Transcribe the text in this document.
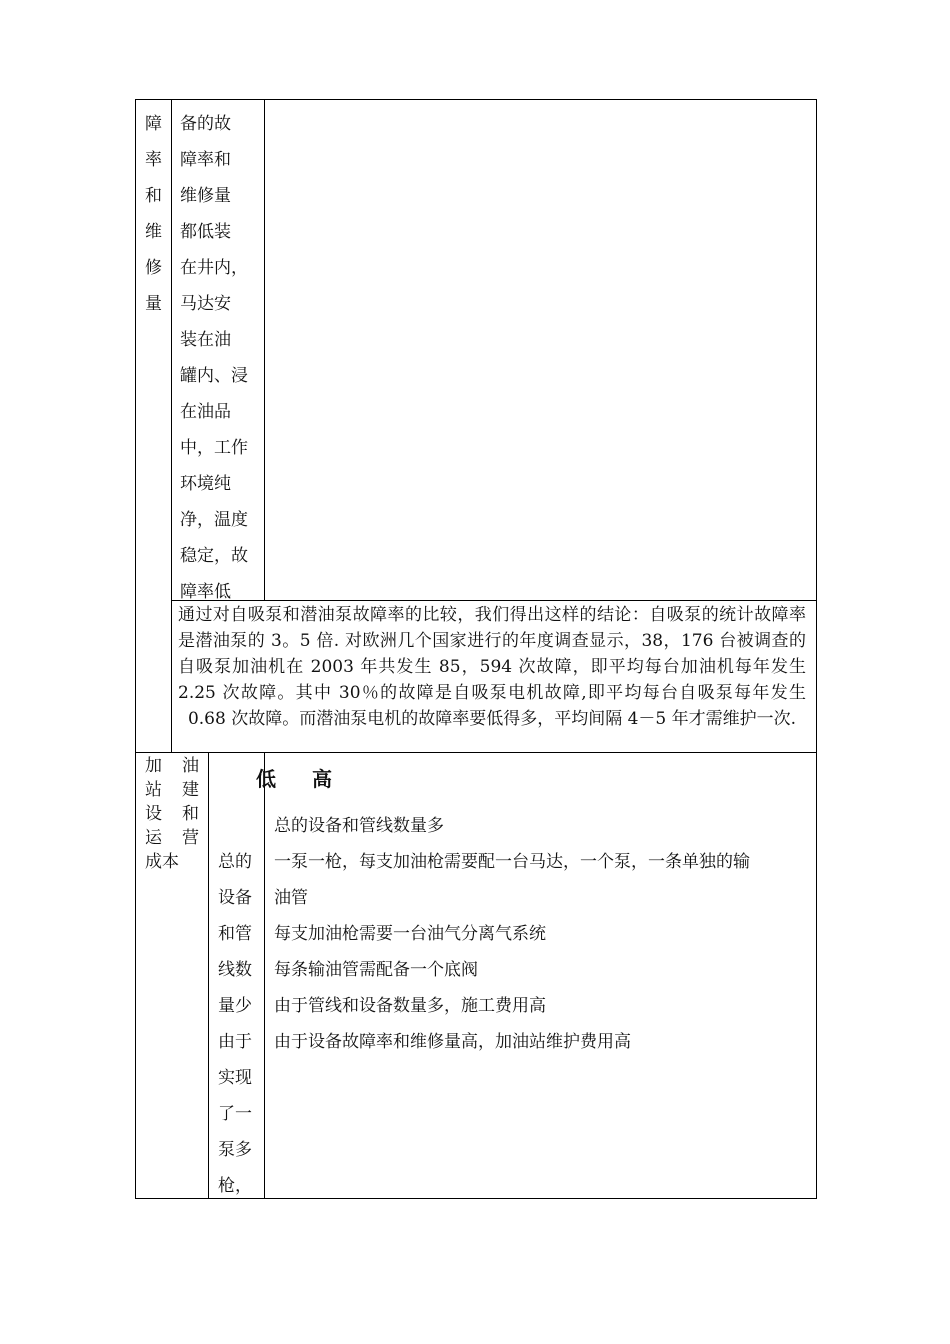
障
率
和
维
修
量
备的故
障率和
维修量
都低装
在井内，
马达安
装在油
罐内、浸
在油品
中，工作
环境纯
净，温度
稳定，故
障率低
通过对自吸泵和潜油泵故障率的比较，我们得出这样的结论：自吸泵的统计故障率是潜油泵的 3。5 倍. 对欧洲几个国家进行的年度调查显示，38，176 台被调查的自吸泵加油机在 2003 年共发生 85，594 次故障，即平均每台加油机每年发生 2.25 次故障。其中 30％的故障是自吸泵电机故障,即平均每台自吸泵每年发生 0.68 次故障。而潜油泵电机的故障率要低得多，平均间隔 4－5 年才需维护一次.
加 油
站 建
设 和
运 营
成本
低 高
总的
设备
和管
线数
量少
由于
实现
了一
泵多
枪，
总的设备和管线数量多
一泵一枪，每支加油枪需要配一台马达，一个泵，一条单独的输
油管
每支加油枪需要一台油气分离气系统
每条输油管需配备一个底阀
由于管线和设备数量多，施工费用高
由于设备故障率和维修量高，加油站维护费用高
